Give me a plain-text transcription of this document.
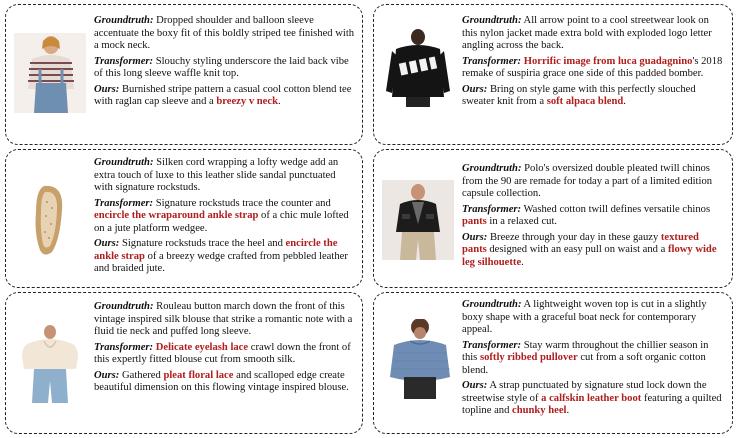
Groundtruth: Dropped shoulder and balloon sleeve accentuate the boxy fit of this boldly striped tee finished with a mock neck.

Transformer: Slouchy styling underscore the laid back vibe of this long sleeve waffle knit top.

Ours: Burnished stripe pattern a casual cool cotton blend tee with raglan cap sleeve and a breezy v neck.

Groundtruth: All arrow point to a cool streetwear look on this nylon jacket made extra bold with exploded logo letter angling across the back.

Transformer: Horrific image from luca guadagnino's 2018 remake of suspiria grace one side of this padded bomber.

Ours: Bring on style game with this perfectly slouched sweater knit from a soft alpaca blend.

Groundtruth: Silken cord wrapping a lofty wedge add an extra touch of luxe to this leather slide sandal punctuated with signature rockstuds.

Transformer: Signature rockstuds trace the counter and encircle the wraparound ankle strap of a chic mule lofted on a jute platform wedgee.

Ours: Signature rockstuds trace the heel and encircle the ankle strap of a breezy wedge crafted from pebbled leather and braided jute.

Groundtruth: Polo's oversized double pleated twill chinos from the 90 are remade for today a part of a limited edition capsule collection.

Transformer: Washed cotton twill defines versatile chinos pants in a relaxed cut.

Ours: Breeze through your day in these gauzy textured pants designed with an easy pull on waist and a flowy wide leg silhouette.

Groundtruth: Rouleau button march down the front of this vintage inspired silk blouse that strike a romantic note with a fluid tie neck and puffed long sleeve.

Transformer: Delicate eyelash lace crawl down the front of this expertly fitted blouse cut from smooth silk.

Ours: Gathered pleat floral lace and scalloped edge create beautiful dimension on this flowing vintage inspired blouse.

Groundtruth: A lightweight woven top is cut in a slightly boxy shape with a graceful boat neck for contemporary appeal.

Transformer: Stay warm throughout the chillier season in this softly ribbed pullover cut from a soft organic cotton blend.

Ours: A strap punctuated by signature stud lock down the streetwise style of a calfskin leather boot featuring a quilted topline and chunky heel.
